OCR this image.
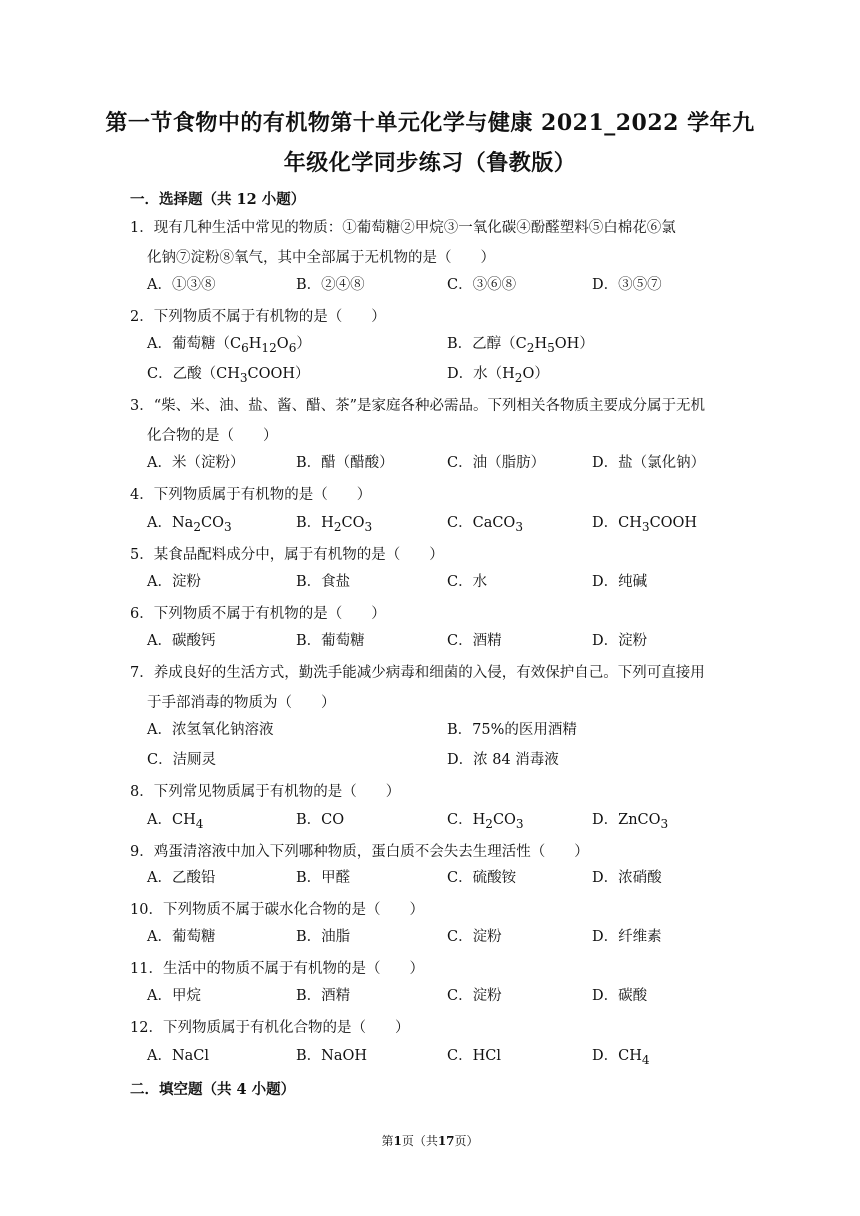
第一节食物中的有机物第十单元化学与健康 2021_2022 学年九
年级化学同步练习（鲁教版）
一．选择题（共 12 小题）
1．现有几种生活中常见的物质：①葡萄糖②甲烷③一氧化碳④酚醛塑料⑤白棉花⑥氯
化钠⑦淀粉⑧氧气，其中全部属于无机物的是（　　）
A．①③⑧	B．②④⑧	C．③⑥⑧	D．③⑤⑦
2．下列物质不属于有机物的是（　　）
A．葡萄糖$(C_6H_{12}O_6)$	B．乙醇$(C_2H_5OH)$
C．乙酸$(CH_3COOH)$	D．水$(H_2O)$
3．“柴、米、油、盐、酱、醋、茶”是家庭各种必需品。下列相关各物质主要成分属于无机
化合物的是（　　）
A．米（淀粉）	B．醋（醋酸）	C．油（脂肪）	D．盐（氯化钠）
4．下列物质属于有机物的是（　　）
A．$Na_2CO_3$	B．$H_2CO_3$	C．CaCO$_3$	D．$CH_3COOH$
5．某食品配料成分中，属于有机物的是（　　）
A．淀粉	B．食盐	C．水	D．纯碱
6．下列物质不属于有机物的是（　　）
A．碳酸钙	B．葡萄糖	C．酒精	D．淀粉
7．养成良好的生活方式，勤洗手能减少病毒和细菌的入侵，有效保护自己。下列可直接用
于手部消毒的物质为（　　）
A．浓氢氧化钠溶液	B．75%的医用酒精
C．洁厕灵	D．浓 84 消毒液
8．下列常见物质属于有机物的是（　　）
A．$CH_4$	B．CO	C．$H_2CO_3$	D．ZnCO$_3$
9．鸡蛋清溶液中加入下列哪种物质，蛋白质不会失去生理活性（　　）
A．乙酸铅	B．甲醛	C．硫酸铵	D．浓硝酸
10．下列物质不属于碳水化合物的是（　　）
A．葡萄糖	B．油脂	C．淀粉	D．纤维素
11．生活中的物质不属于有机物的是（　　）
A．甲烷	B．酒精	C．淀粉	D．碳酸
12．下列物质属于有机化合物的是（　　）
A．NaCl	B．NaOH	C．HCl	D．$CH_4$
二．填空题（共 4 小题）
第1页（共17页）
